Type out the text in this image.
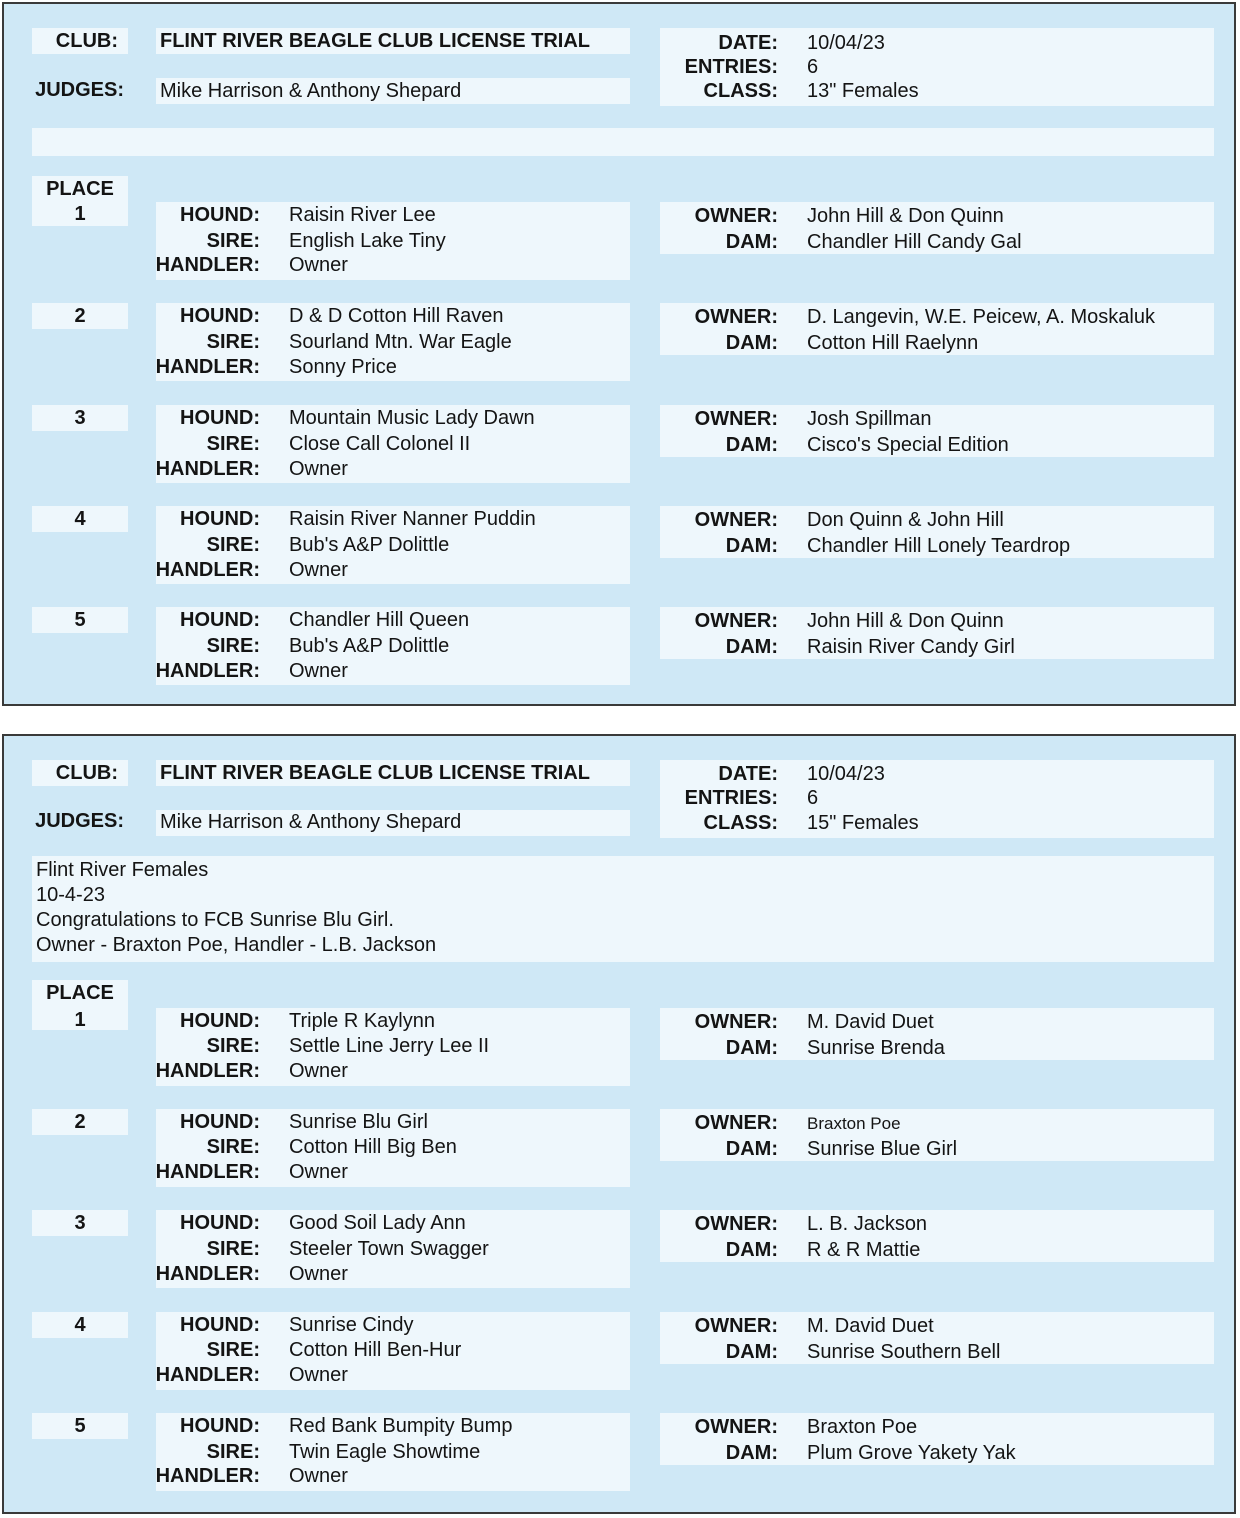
CLUB: FLINT RIVER BEAGLE CLUB LICENSE TRIAL
JUDGES: Mike Harrison & Anthony Shepard
DATE: 10/04/23
ENTRIES: 6
CLASS: 13" Females
PLACE
1	HOUND: Raisin River Lee
SIRE: English Lake Tiny
HANDLER: Owner
OWNER: John Hill & Don Quinn
DAM: Chandler Hill Candy Gal
2	HOUND: D & D Cotton Hill Raven
SIRE: Sourland Mtn. War Eagle
HANDLER: Sonny Price
OWNER: D. Langevin, W.E. Peicew, A. Moskaluk
DAM: Cotton Hill Raelynn
3	HOUND: Mountain Music Lady Dawn
SIRE: Close Call Colonel II
HANDLER: Owner
OWNER: Josh Spillman
DAM: Cisco's Special Edition
4	HOUND: Raisin River Nanner Puddin
SIRE: Bub's A&P Dolittle
HANDLER: Owner
OWNER: Don Quinn & John Hill
DAM: Chandler Hill Lonely Teardrop
5	HOUND: Chandler Hill Queen
SIRE: Bub's A&P Dolittle
HANDLER: Owner
OWNER: John Hill & Don Quinn
DAM: Raisin River Candy Girl
CLUB: FLINT RIVER BEAGLE CLUB LICENSE TRIAL
JUDGES: Mike Harrison & Anthony Shepard
DATE: 10/04/23
ENTRIES: 6
CLASS: 15" Females
Flint River Females
10-4-23
Congratulations to FCB Sunrise Blu Girl.
Owner - Braxton Poe, Handler - L.B. Jackson
PLACE
1	HOUND: Triple R Kaylynn
SIRE: Settle Line Jerry Lee II
HANDLER: Owner
OWNER: M. David Duet
DAM: Sunrise Brenda
2	HOUND: Sunrise Blu Girl
SIRE: Cotton Hill Big Ben
HANDLER: Owner
OWNER: Braxton Poe
DAM: Sunrise Blue Girl
3	HOUND: Good Soil Lady Ann
SIRE: Steeler Town Swagger
HANDLER: Owner
OWNER: L. B. Jackson
DAM: R & R Mattie
4	HOUND: Sunrise Cindy
SIRE: Cotton Hill Ben-Hur
HANDLER: Owner
OWNER: M. David Duet
DAM: Sunrise Southern Bell
5	HOUND: Red Bank Bumpity Bump
SIRE: Twin Eagle Showtime
HANDLER: Owner
OWNER: Braxton Poe
DAM: Plum Grove Yakety Yak
